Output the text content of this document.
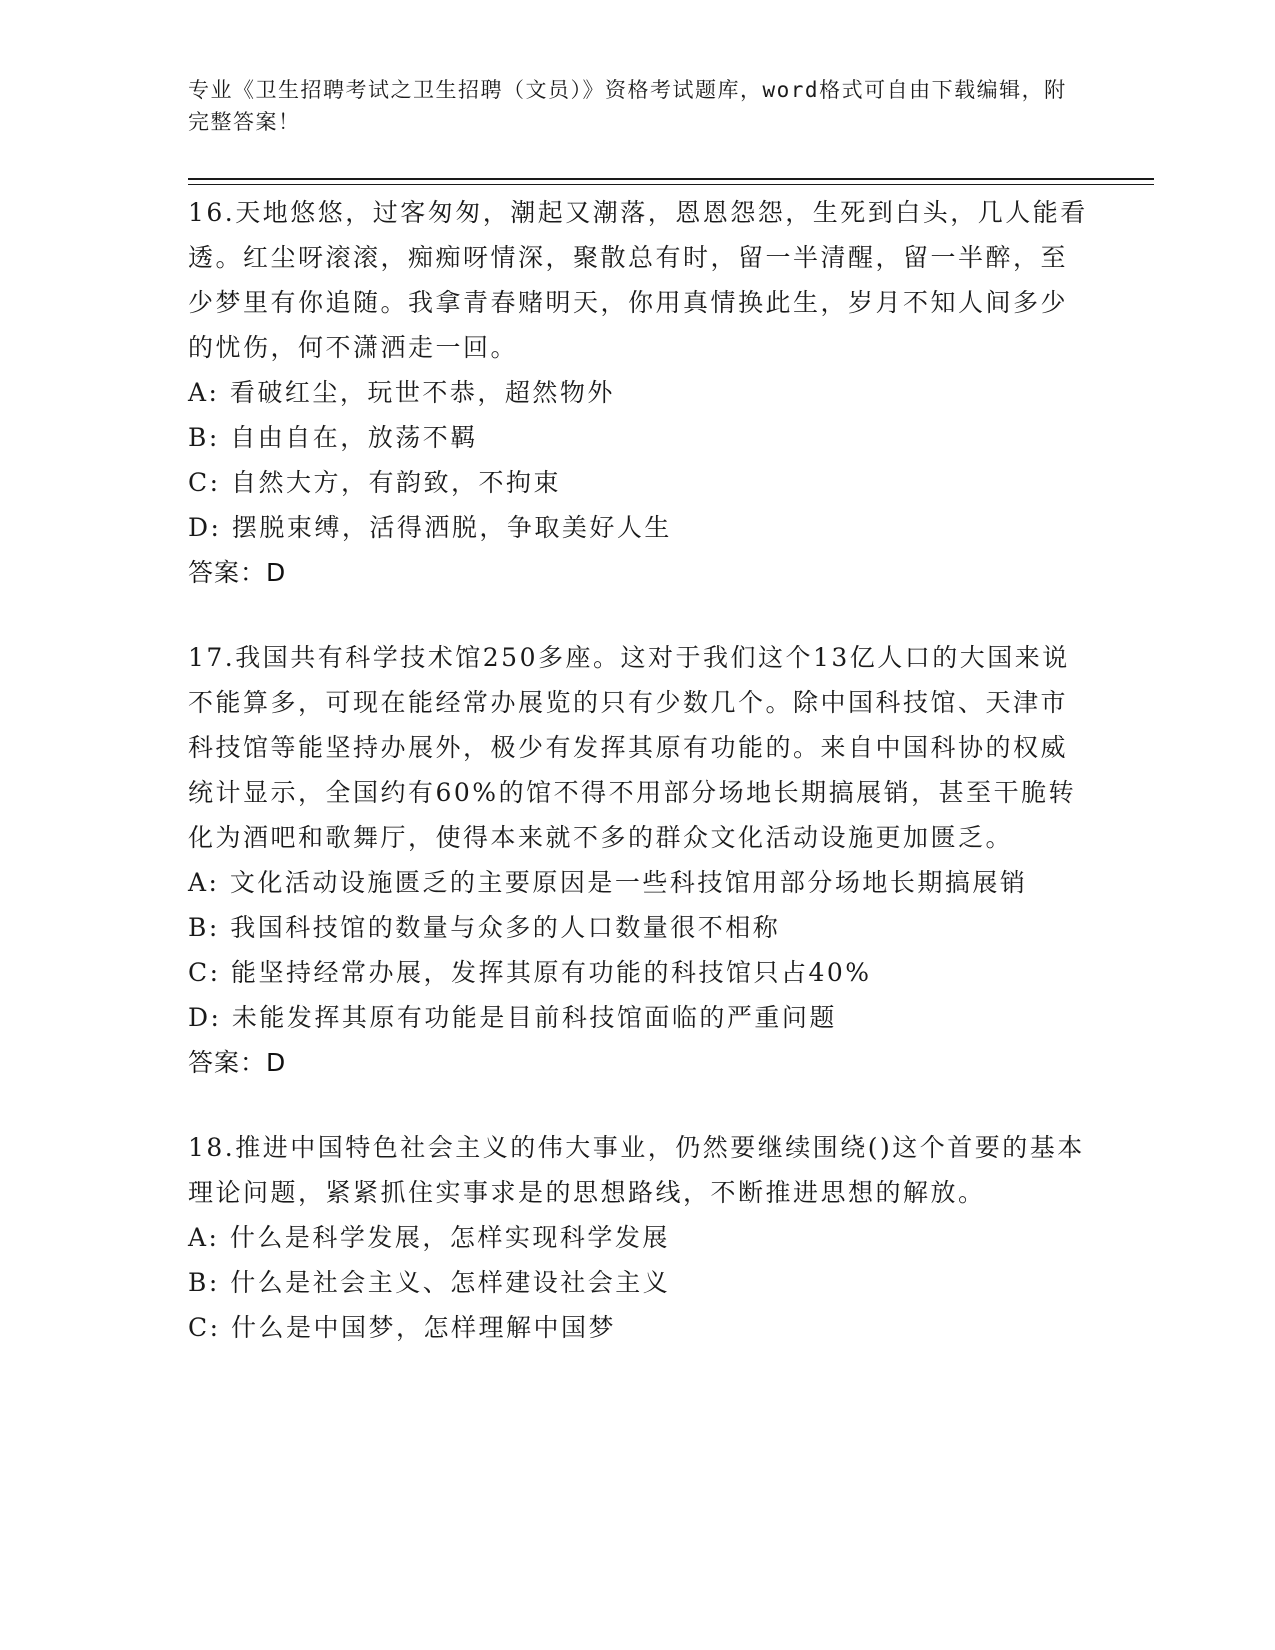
专业《卫生招聘考试之卫生招聘（文员）》资格考试题库，word格式可自由下载编辑，附完整答案！

16.天地悠悠，过客匆匆，潮起又潮落，恩恩怨怨，生死到白头，几人能看透。红尘呀滚滚，痴痴呀情深，聚散总有时，留一半清醒，留一半醉，至少梦里有你追随。我拿青春赌明天，你用真情换此生，岁月不知人间多少的忧伤，何不潇洒走一回。

A: 看破红尘，玩世不恭，超然物外

B: 自由自在，放荡不羁

C: 自然大方，有韵致，不拘束

D: 摆脱束缚，活得洒脱，争取美好人生

答案：D

17.我国共有科学技术馆250多座。这对于我们这个13亿人口的大国来说不能算多，可现在能经常办展览的只有少数几个。除中国科技馆、天津市科技馆等能坚持办展外，极少有发挥其原有功能的。来自中国科协的权威统计显示，全国约有60%的馆不得不用部分场地长期搞展销，甚至干脆转化为酒吧和歌舞厅，使得本来就不多的群众文化活动设施更加匮乏。

A: 文化活动设施匮乏的主要原因是一些科技馆用部分场地长期搞展销

B: 我国科技馆的数量与众多的人口数量很不相称

C: 能坚持经常办展，发挥其原有功能的科技馆只占40%

D: 未能发挥其原有功能是目前科技馆面临的严重问题

答案：D

18.推进中国特色社会主义的伟大事业，仍然要继续围绕()这个首要的基本理论问题，紧紧抓住实事求是的思想路线，不断推进思想的解放。

A: 什么是科学发展，怎样实现科学发展

B: 什么是社会主义、怎样建设社会主义

C: 什么是中国梦，怎样理解中国梦
